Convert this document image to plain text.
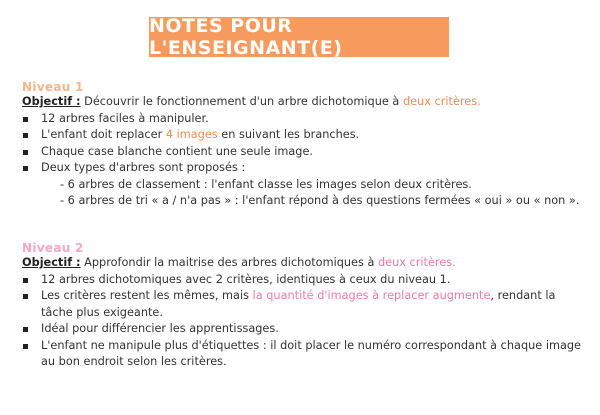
NOTES POUR L'ENSEIGNANT(E)
Niveau 1
Objectif : Découvrir le fonctionnement d'un arbre dichotomique à deux critères.
12 arbres faciles à manipuler.
L'enfant doit replacer 4 images en suivant les branches.
Chaque case blanche contient une seule image.
Deux types d'arbres sont proposés :
- 6 arbres de classement : l'enfant classe les images selon deux critères.
- 6 arbres de tri « a / n'a pas » : l'enfant répond à des questions fermées « oui » ou « non ».
Niveau 2
Objectif : Approfondir la maitrise des arbres dichotomiques à deux critères.
12 arbres dichotomiques avec 2 critères, identiques à ceux du niveau 1.
Les critères restent les mêmes, mais la quantité d'images à replacer augmente, rendant la tâche plus exigeante.
Idéal pour différencier les apprentissages.
L'enfant ne manipule plus d'étiquettes : il doit placer le numéro correspondant à chaque image au bon endroit selon les critères.
